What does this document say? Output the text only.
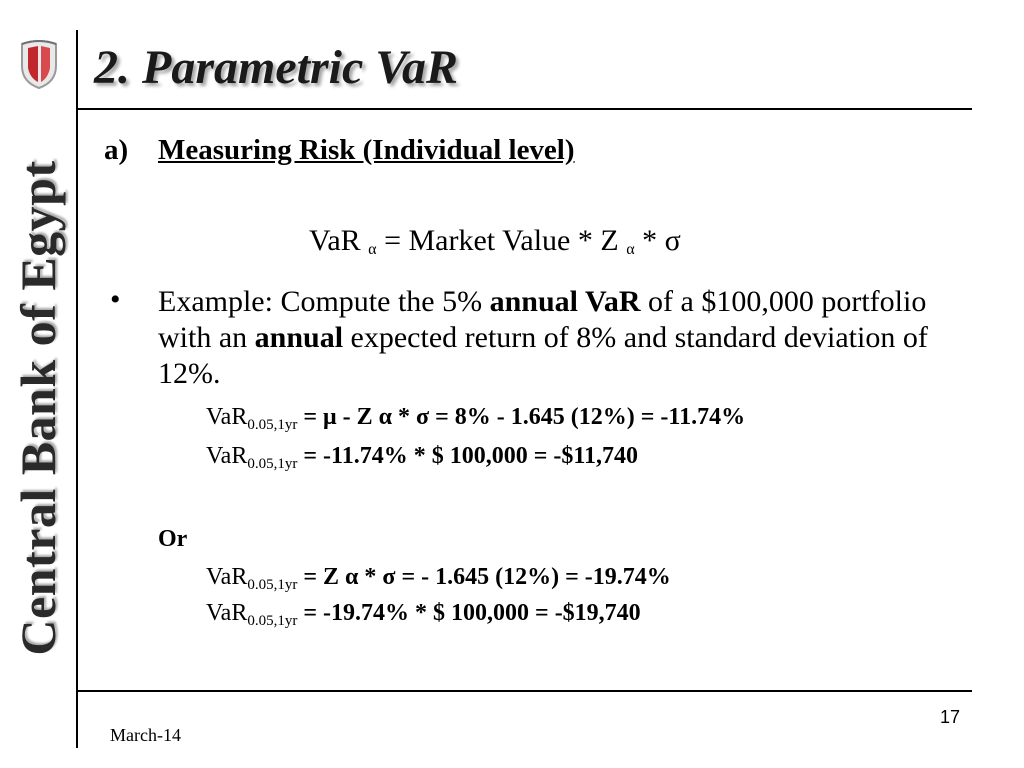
Central Bank of Egypt
2. Parametric VaR
a) Measuring Risk (Individual level)
VaR $_\alpha$ = Market Value * Z $_\alpha$ * σ
• Example: Compute the 5% annual VaR of a $100,000 portfolio with an annual expected return of 8% and standard deviation of 12%.
VaR$_{0.05,1yr}$ = μ - Z α * σ = 8% - 1.645 (12%) = -11.74%
VaR$_{0.05,1yr}$ = -11.74% * $ 100,000 = -$11,740
Or
VaR$_{0.05,1yr}$ = Z α * σ = - 1.645 (12%) = -19.74%
VaR$_{0.05,1yr}$ = -19.74% * $ 100,000 = -$19,740
March-14
17
